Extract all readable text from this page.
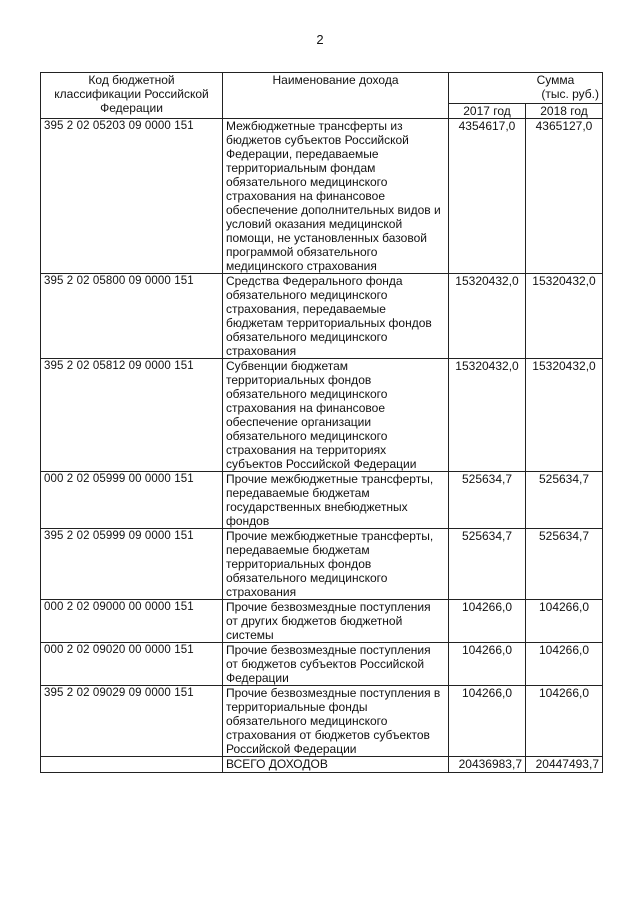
2
Код бюджетной классификации Российской Федерации	Наименование дохода	Сумма
(тыс. руб.)	

		2017 год	2018 год
395 2 02 05203 09 0000 151	Межбюджетные трансферты из бюджетов субъектов Российской Федерации, передаваемые территориальным фондам обязательного медицинского страхования на финансовое обеспечение дополнительных видов и условий оказания медицинской помощи, не установленных базовой программой обязательного медицинского страхования	4354617,0	4365127,0
395 2 02 05800 09 0000 151	Средства Федерального фонда обязательного медицинского страхования, передаваемые бюджетам территориальных фондов обязательного медицинского страхования	15320432,0	15320432,0
395 2 02 05812 09 0000 151	Субвенции бюджетам территориальных фондов обязательного медицинского страхования на финансовое обеспечение организации обязательного медицинского страхования на территориях субъектов Российской Федерации	15320432,0	15320432,0
000 2 02 05999 00 0000 151	Прочие межбюджетные трансферты, передаваемые бюджетам государственных внебюджетных фондов	525634,7	525634,7
395 2 02 05999 09 0000 151	Прочие межбюджетные трансферты, передаваемые бюджетам территориальных фондов обязательного медицинского страхования	525634,7	525634,7
000 2 02 09000 00 0000 151	Прочие безвозмездные поступления от других бюджетов бюджетной системы	104266,0	104266,0
000 2 02 09020 00 0000 151	Прочие безвозмездные поступления от бюджетов субъектов Российской Федерации	104266,0	104266,0
395 2 02 09029 09 0000 151	Прочие безвозмездные поступления в территориальные фонды обязательного медицинского страхования от бюджетов субъектов Российской Федерации	104266,0	104266,0
	ВСЕГО ДОХОДОВ	20436983,7	20447493,7
